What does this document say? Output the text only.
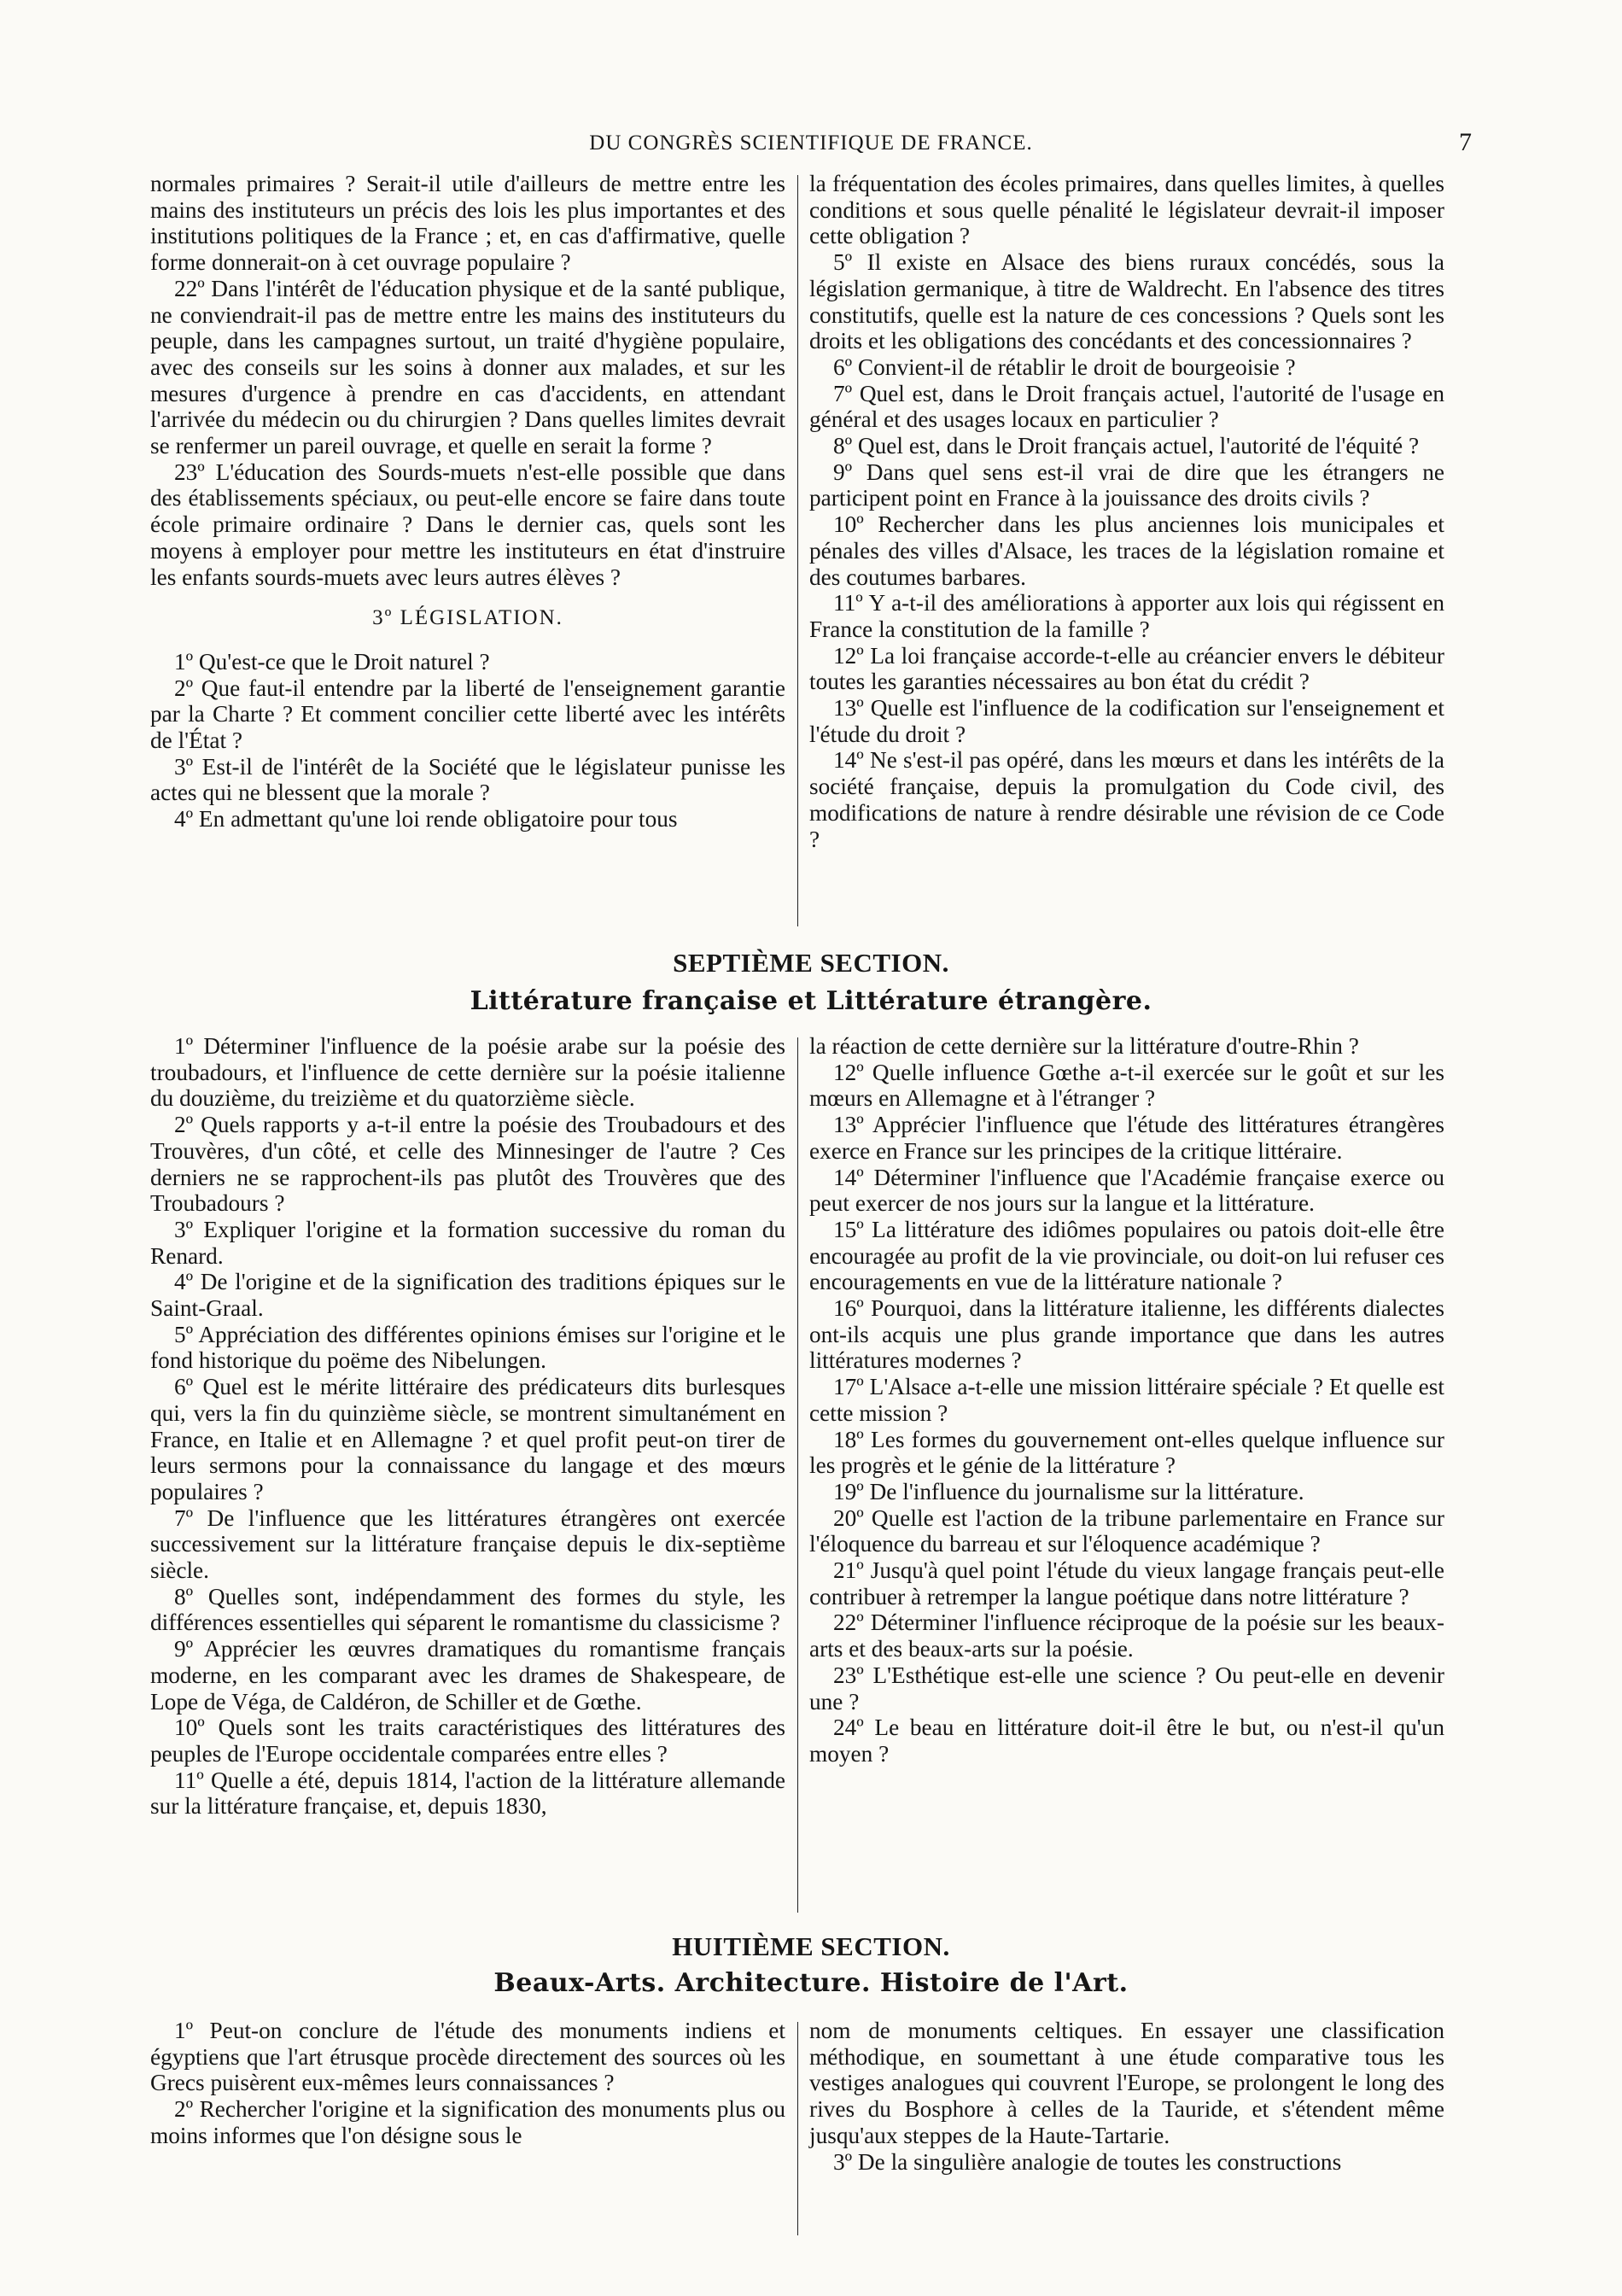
DU CONGRÈS SCIENTIFIQUE DE FRANCE.	7

normales primaires ? Serait-il utile d'ailleurs de mettre entre les mains des instituteurs un précis des lois les plus importantes et des institutions politiques de la France ; et, en cas d'affirmative, quelle forme donnerait-on à cet ouvrage populaire ?

22º Dans l'intérêt de l'éducation physique et de la santé publique, ne conviendrait-il pas de mettre entre les mains des instituteurs du peuple, dans les campagnes surtout, un traité d'hygiène populaire, avec des conseils sur les soins à donner aux malades, et sur les mesures d'urgence à prendre en cas d'accidents, en attendant l'arrivée du médecin ou du chirurgien ? Dans quelles limites devrait se renfermer un pareil ouvrage, et quelle en serait la forme ?

23º L'éducation des Sourds-muets n'est-elle possible que dans des établissements spéciaux, ou peut-elle encore se faire dans toute école primaire ordinaire ? Dans le dernier cas, quels sont les moyens à employer pour mettre les instituteurs en état d'instruire les enfants sourds-muets avec leurs autres élèves ?

3º LÉGISLATION.

1º Qu'est-ce que le Droit naturel ?

2º Que faut-il entendre par la liberté de l'enseignement garantie par la Charte ? Et comment concilier cette liberté avec les intérêts de l'État ?

3º Est-il de l'intérêt de la Société que le législateur punisse les actes qui ne blessent que la morale ?

4º En admettant qu'une loi rende obligatoire pour tous

la fréquentation des écoles primaires, dans quelles limites, à quelles conditions et sous quelle pénalité le législateur devrait-il imposer cette obligation ?

5º Il existe en Alsace des biens ruraux concédés, sous la législation germanique, à titre de Waldrecht. En l'absence des titres constitutifs, quelle est la nature de ces concessions ? Quels sont les droits et les obligations des concédants et des concessionnaires ?

6º Convient-il de rétablir le droit de bourgeoisie ?

7º Quel est, dans le Droit français actuel, l'autorité de l'usage en général et des usages locaux en particulier ?

8º Quel est, dans le Droit français actuel, l'autorité de l'équité ?

9º Dans quel sens est-il vrai de dire que les étrangers ne participent point en France à la jouissance des droits civils ?

10º Rechercher dans les plus anciennes lois municipales et pénales des villes d'Alsace, les traces de la législation romaine et des coutumes barbares.

11º Y a-t-il des améliorations à apporter aux lois qui régissent en France la constitution de la famille ?

12º La loi française accorde-t-elle au créancier envers le débiteur toutes les garanties nécessaires au bon état du crédit ?

13º Quelle est l'influence de la codification sur l'enseignement et l'étude du droit ?

14º Ne s'est-il pas opéré, dans les mœurs et dans les intérêts de la société française, depuis la promulgation du Code civil, des modifications de nature à rendre désirable une révision de ce Code ?

SEPTIÈME SECTION.
Littérature française et Littérature étrangère.

1º Déterminer l'influence de la poésie arabe sur la poésie des troubadours, et l'influence de cette dernière sur la poésie italienne du douzième, du treizième et du quatorzième siècle.

2º Quels rapports y a-t-il entre la poésie des Troubadours et des Trouvères, d'un côté, et celle des Minnesinger de l'autre ? Ces derniers ne se rapprochent-ils pas plutôt des Trouvères que des Troubadours ?

3º Expliquer l'origine et la formation successive du roman du Renard.

4º De l'origine et de la signification des traditions épiques sur le Saint-Graal.

5º Appréciation des différentes opinions émises sur l'origine et le fond historique du poëme des Nibelungen.

6º Quel est le mérite littéraire des prédicateurs dits burlesques qui, vers la fin du quinzième siècle, se montrent simultanément en France, en Italie et en Allemagne ? et quel profit peut-on tirer de leurs sermons pour la connaissance du langage et des mœurs populaires ?

7º De l'influence que les littératures étrangères ont exercée successivement sur la littérature française depuis le dix-septième siècle.

8º Quelles sont, indépendamment des formes du style, les différences essentielles qui séparent le romantisme du classicisme ?

9º Apprécier les œuvres dramatiques du romantisme français moderne, en les comparant avec les drames de Shakespeare, de Lope de Véga, de Caldéron, de Schiller et de Gœthe.

10º Quels sont les traits caractéristiques des littératures des peuples de l'Europe occidentale comparées entre elles ?

11º Quelle a été, depuis 1814, l'action de la littérature allemande sur la littérature française, et, depuis 1830,

la réaction de cette dernière sur la littérature d'outre-Rhin ?

12º Quelle influence Gœthe a-t-il exercée sur le goût et sur les mœurs en Allemagne et à l'étranger ?

13º Apprécier l'influence que l'étude des littératures étrangères exerce en France sur les principes de la critique littéraire.

14º Déterminer l'influence que l'Académie française exerce ou peut exercer de nos jours sur la langue et la littérature.

15º La littérature des idiômes populaires ou patois doit-elle être encouragée au profit de la vie provinciale, ou doit-on lui refuser ces encouragements en vue de la littérature nationale ?

16º Pourquoi, dans la littérature italienne, les différents dialectes ont-ils acquis une plus grande importance que dans les autres littératures modernes ?

17º L'Alsace a-t-elle une mission littéraire spéciale ? Et quelle est cette mission ?

18º Les formes du gouvernement ont-elles quelque influence sur les progrès et le génie de la littérature ?

19º De l'influence du journalisme sur la littérature.

20º Quelle est l'action de la tribune parlementaire en France sur l'éloquence du barreau et sur l'éloquence académique ?

21º Jusqu'à quel point l'étude du vieux langage français peut-elle contribuer à retremper la langue poétique dans notre littérature ?

22º Déterminer l'influence réciproque de la poésie sur les beaux-arts et des beaux-arts sur la poésie.

23º L'Esthétique est-elle une science ? Ou peut-elle en devenir une ?

24º Le beau en littérature doit-il être le but, ou n'est-il qu'un moyen ?

HUITIÈME SECTION.
Beaux-Arts. Architecture. Histoire de l'Art.

1º Peut-on conclure de l'étude des monuments indiens et égyptiens que l'art étrusque procède directement des sources où les Grecs puisèrent eux-mêmes leurs connaissances ?

2º Rechercher l'origine et la signification des monuments plus ou moins informes que l'on désigne sous le

nom de monuments celtiques. En essayer une classification méthodique, en soumettant à une étude comparative tous les vestiges analogues qui couvrent l'Europe, se prolongent le long des rives du Bosphore à celles de la Tauride, et s'étendent même jusqu'aux steppes de la Haute-Tartarie.

3º De la singulière analogie de toutes les constructions
